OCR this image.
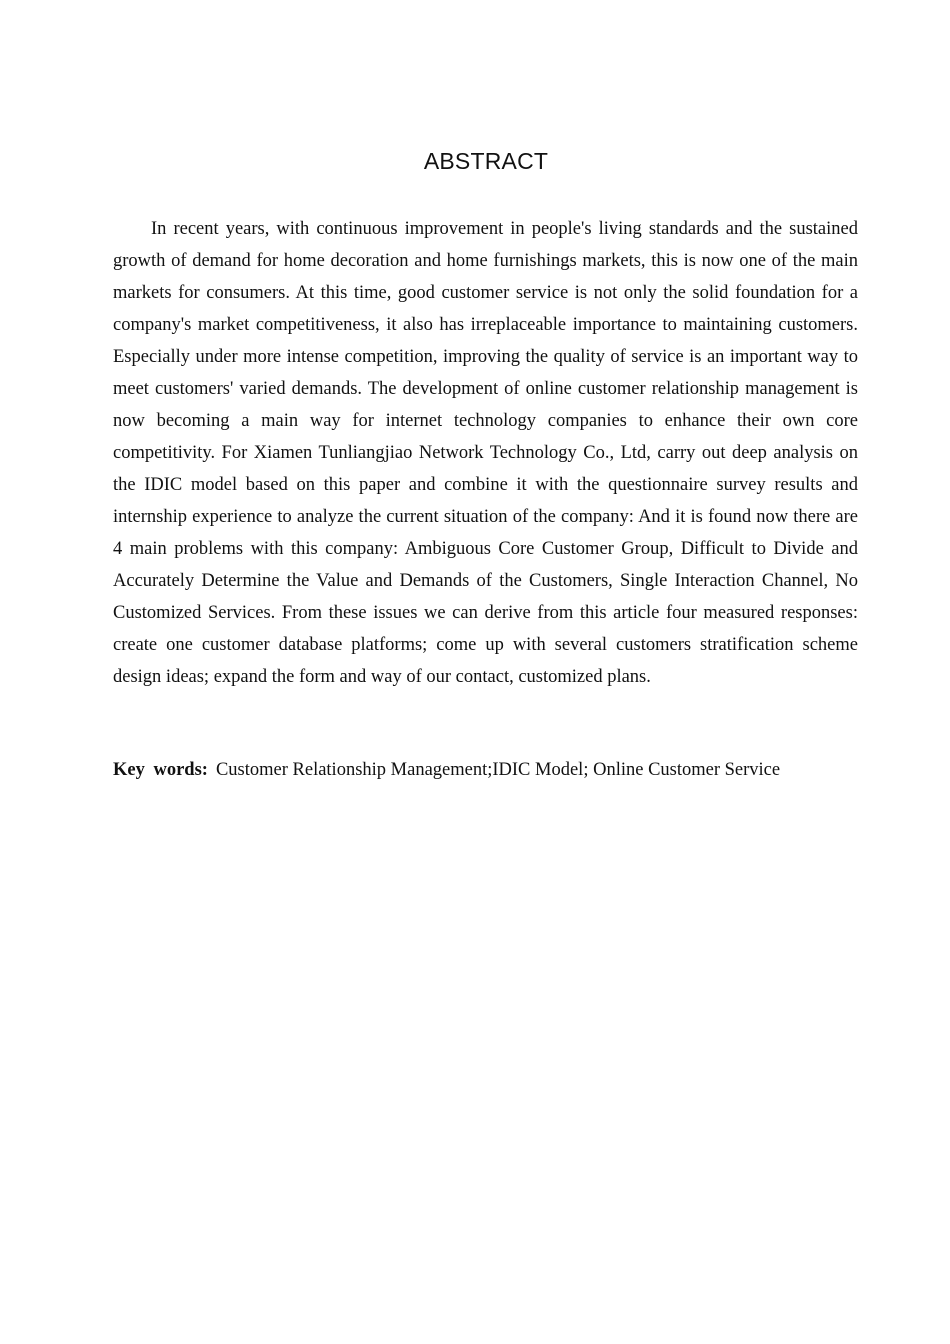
ABSTRACT

In recent years, with continuous improvement in people's living standards and the sustained growth of demand for home decoration and home furnishings markets, this is now one of the main markets for consumers. At this time, good customer service is not only the solid foundation for a company's market competitiveness, it also has irreplaceable importance to maintaining customers. Especially under more intense competition, improving the quality of service is an important way to meet customers' varied demands. The development of online customer relationship management is now becoming a main way for internet technology companies to enhance their own core competitivity. For Xiamen Tunliangjiao Network Technology Co., Ltd, carry out deep analysis on the IDIC model based on this paper and combine it with the questionnaire survey results and internship experience to analyze the current situation of the company: And it is found now there are 4 main problems with this company: Ambiguous Core Customer Group, Difficult to Divide and Accurately Determine the Value and Demands of the Customers, Single Interaction Channel, No Customized Services. From these issues we can derive from this article four measured responses: create one customer database platforms; come up with several customers stratification scheme design ideas; expand the form and way of our contact, customized plans.

Key words: Customer Relationship Management;IDIC Model; Online Customer Service
